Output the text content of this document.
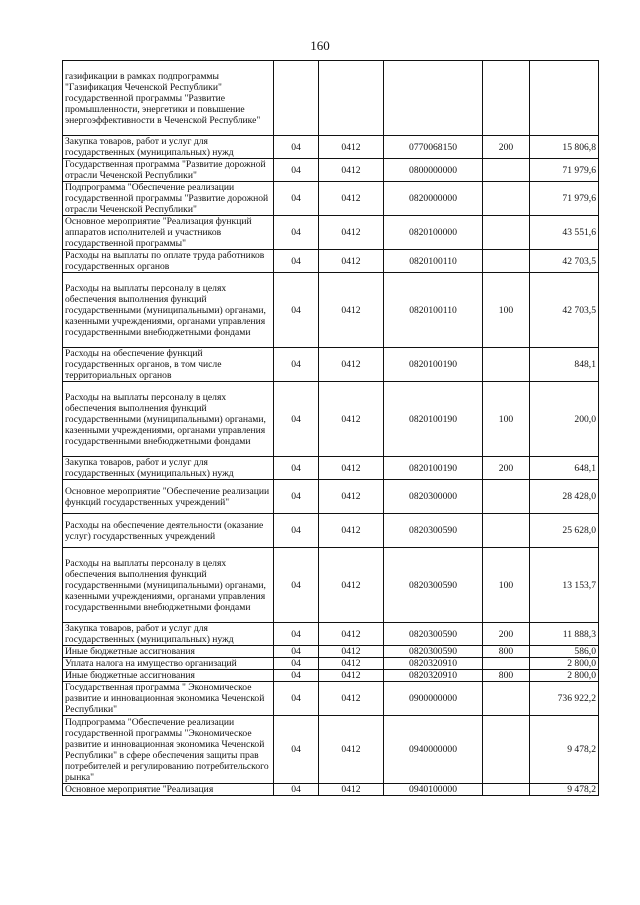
160
газификации в рамках подпрограммы "Газификация Чеченской Республики" государственной программы "Развитие промышленности, энергетики и повышение энергоэффективности в Чеченской Республике"					
Закупка товаров, работ и услуг для государственных (муниципальных) нужд	04	0412	0770068150	200	15 806,8
Государственная программа "Развитие дорожной отрасли Чеченской Республики"	04	0412	0800000000		71 979,6
Подпрограмма "Обеспечение реализации государственной программы "Развитие дорожной отрасли Чеченской Республики"	04	0412	0820000000		71 979,6
Основное мероприятие "Реализация функций аппаратов исполнителей и участников государственной программы"	04	0412	0820100000		43 551,6
Расходы на выплаты по оплате труда работников государственных органов	04	0412	0820100110		42 703,5
Расходы на выплаты персоналу в целях обеспечения выполнения функций государственными (муниципальными) органами, казенными учреждениями, органами управления государственными внебюджетными фондами	04	0412	0820100110	100	42 703,5
Расходы на обеспечение функций государственных органов, в том числе территориальных органов	04	0412	0820100190		848,1
Расходы на выплаты персоналу в целях обеспечения выполнения функций государственными (муниципальными) органами, казенными учреждениями, органами управления государственными внебюджетными фондами	04	0412	0820100190	100	200,0
Закупка товаров, работ и услуг для государственных (муниципальных) нужд	04	0412	0820100190	200	648,1
Основное мероприятие "Обеспечение реализации функций государственных учреждений"	04	0412	0820300000		28 428,0
Расходы на обеспечение деятельности (оказание услуг) государственных учреждений	04	0412	0820300590		25 628,0
Расходы на выплаты персоналу в целях обеспечения выполнения функций государственными (муниципальными) органами, казенными учреждениями, органами управления государственными внебюджетными фондами	04	0412	0820300590	100	13 153,7
Закупка товаров, работ и услуг для государственных (муниципальных) нужд	04	0412	0820300590	200	11 888,3
Иные бюджетные ассигнования	04	0412	0820300590	800	586,0
Уплата налога на имущество организаций	04	0412	0820320910		2 800,0
Иные бюджетные ассигнования	04	0412	0820320910	800	2 800,0
Государственная программа " Экономическое развитие и инновационная экономика Чеченской Республики"	04	0412	0900000000		736 922,2
Подпрограмма "Обеспечение реализации государственной программы "Экономическое развитие и инновационная экономика Чеченской Республики" в сфере обеспечения защиты прав потребителей и регулированию потребительского рынка"	04	0412	0940000000		9 478,2
Основное мероприятие "Реализация	04	0412	0940100000		9 478,2
